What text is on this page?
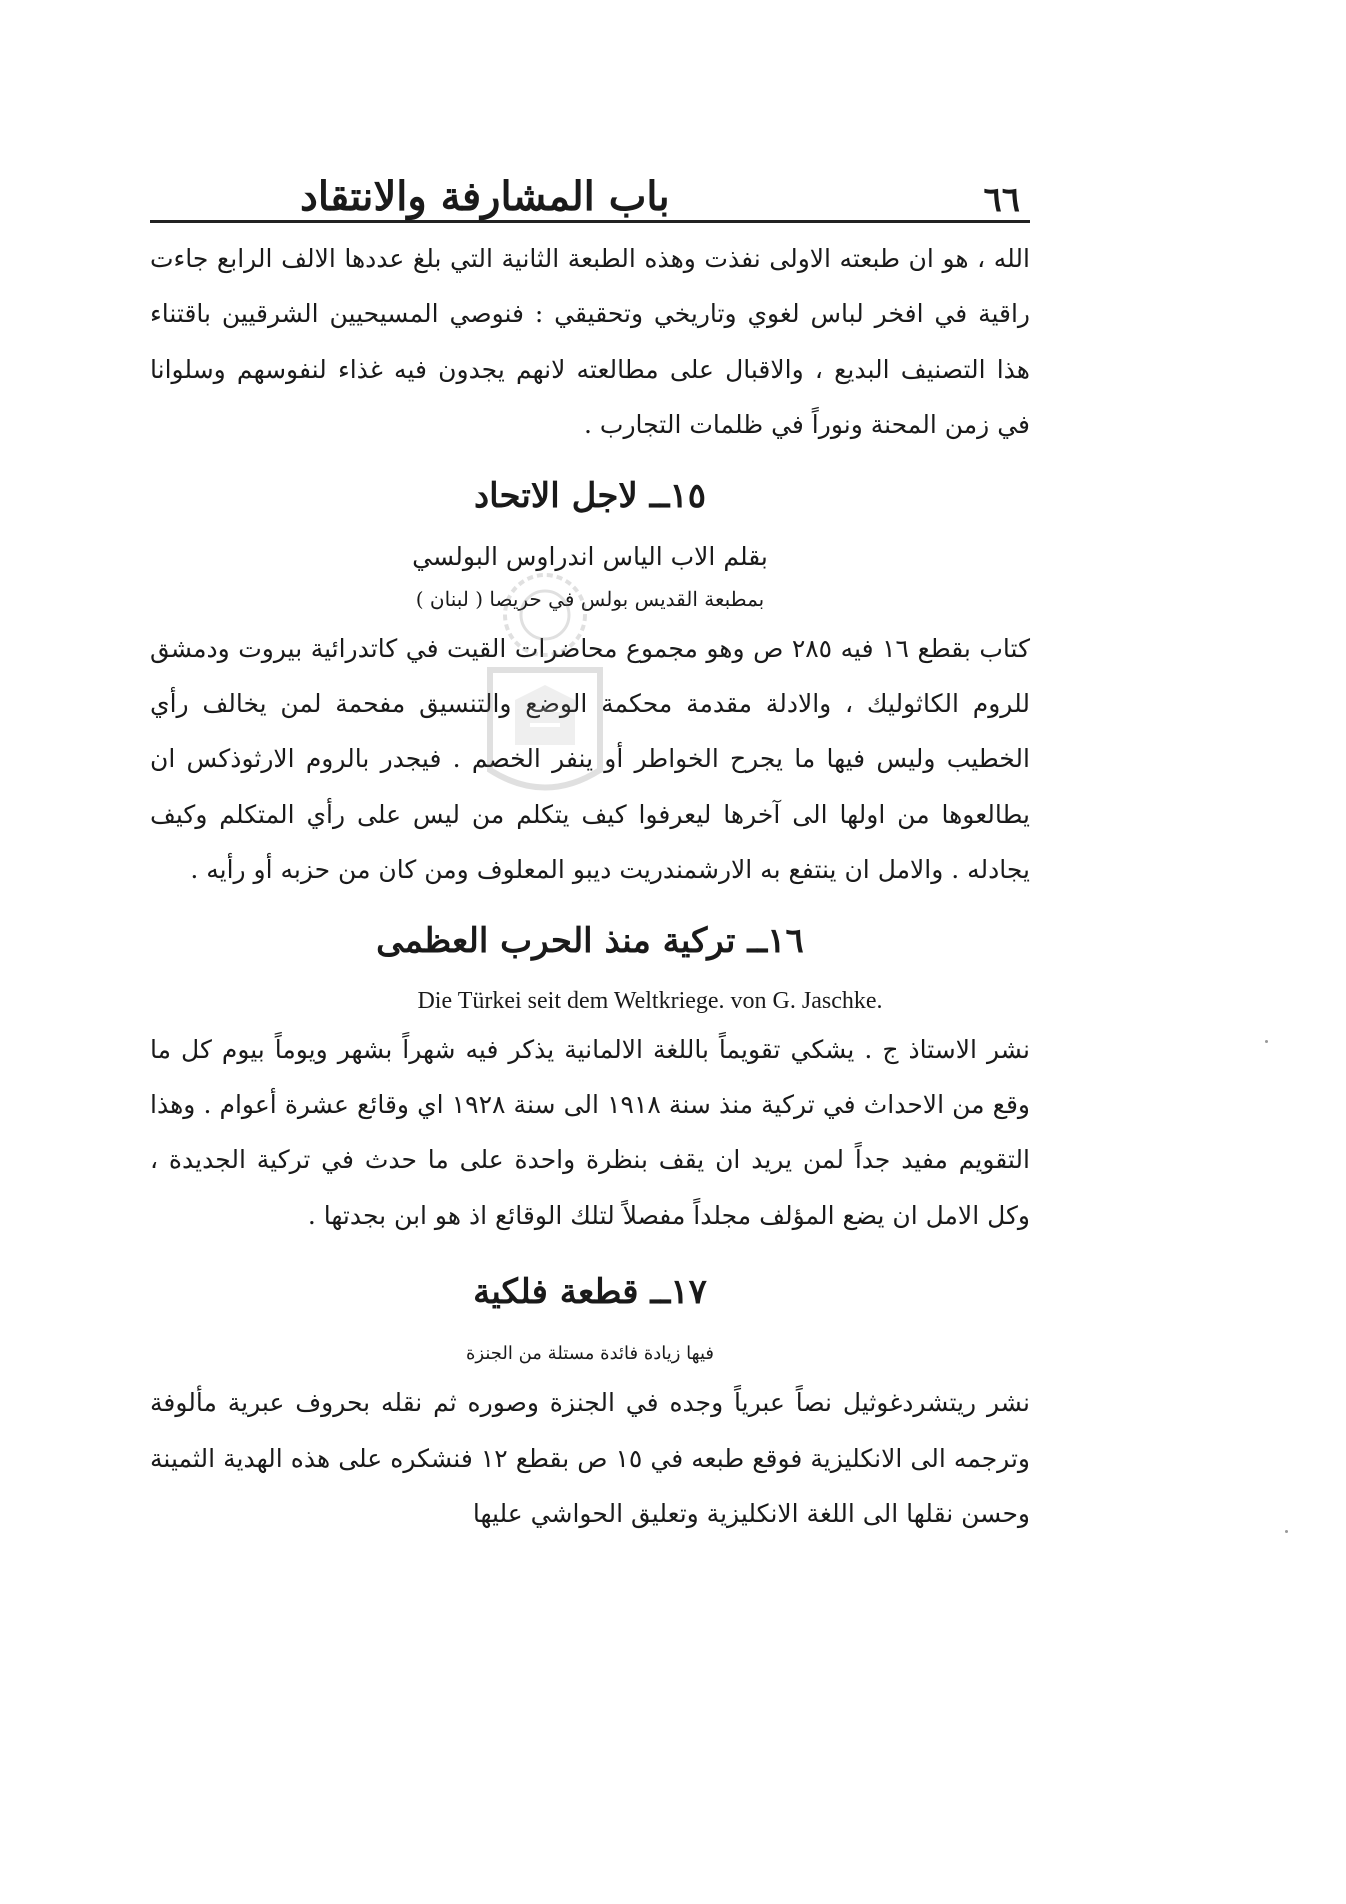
٦٦
باب المشارفة والانتقاد

الله ، هو ان طبعته الاولى نفذت وهذه الطبعة الثانية التي بلغ عددها الالف الرابع جاءت راقية في افخر لباس لغوي وتاريخي وتحقيقي : فنوصي المسيحيين الشرقيين باقتناء هذا التصنيف البديع ، والاقبال على مطالعته لانهم يجدون فيه غذاء لنفوسهم وسلوانا في زمن المحنة ونوراً في ظلمات التجارب .

١٥ــ لاجل الاتحاد

بقلم الاب الياس اندراوس البولسي

بمطبعة القديس بولس في حريصا ( لبنان )

كتاب بقطع ١٦ فيه ٢٨٥ ص وهو مجموع محاضرات القيت في كاتدرائية بيروت ودمشق للروم الكاثوليك ، والادلة مقدمة محكمة الوضع والتنسيق مفحمة لمن يخالف رأي الخطيب وليس فيها ما يجرح الخواطر أو ينفر الخصم . فيجدر بالروم الارثوذكس ان يطالعوها من اولها الى آخرها ليعرفوا كيف يتكلم من ليس على رأي المتكلم وكيف يجادله . والامل ان ينتفع به الارشمندريت ديبو المعلوف ومن كان من حزبه أو رأيه .

١٦ــ تركية منذ الحرب العظمى

Die Türkei seit dem Weltkriege. von G. Jaschke.

نشر الاستاذ ج . يشكي تقويماً باللغة الالمانية يذكر فيه شهراً بشهر ويوماً بيوم كل ما وقع من الاحداث في تركية منذ سنة ١٩١٨ الى سنة ١٩٢٨ اي وقائع عشرة أعوام . وهذا التقويم مفيد جداً لمن يريد ان يقف بنظرة واحدة على ما حدث في تركية الجديدة ، وكل الامل ان يضع المؤلف مجلداً مفصلاً لتلك الوقائع اذ هو ابن بجدتها .

١٧ــ قطعة فلكية

فيها زيادة فائدة مستلة من الجنزة

نشر ريتشردغوثيل نصاً عبرياً وجده في الجنزة وصوره ثم نقله بحروف عبرية مألوفة وترجمه الى الانكليزية فوقع طبعه في ١٥ ص بقطع ١٢ فنشكره على هذه الهدية الثمينة وحسن نقلها الى اللغة الانكليزية وتعليق الحواشي عليها
